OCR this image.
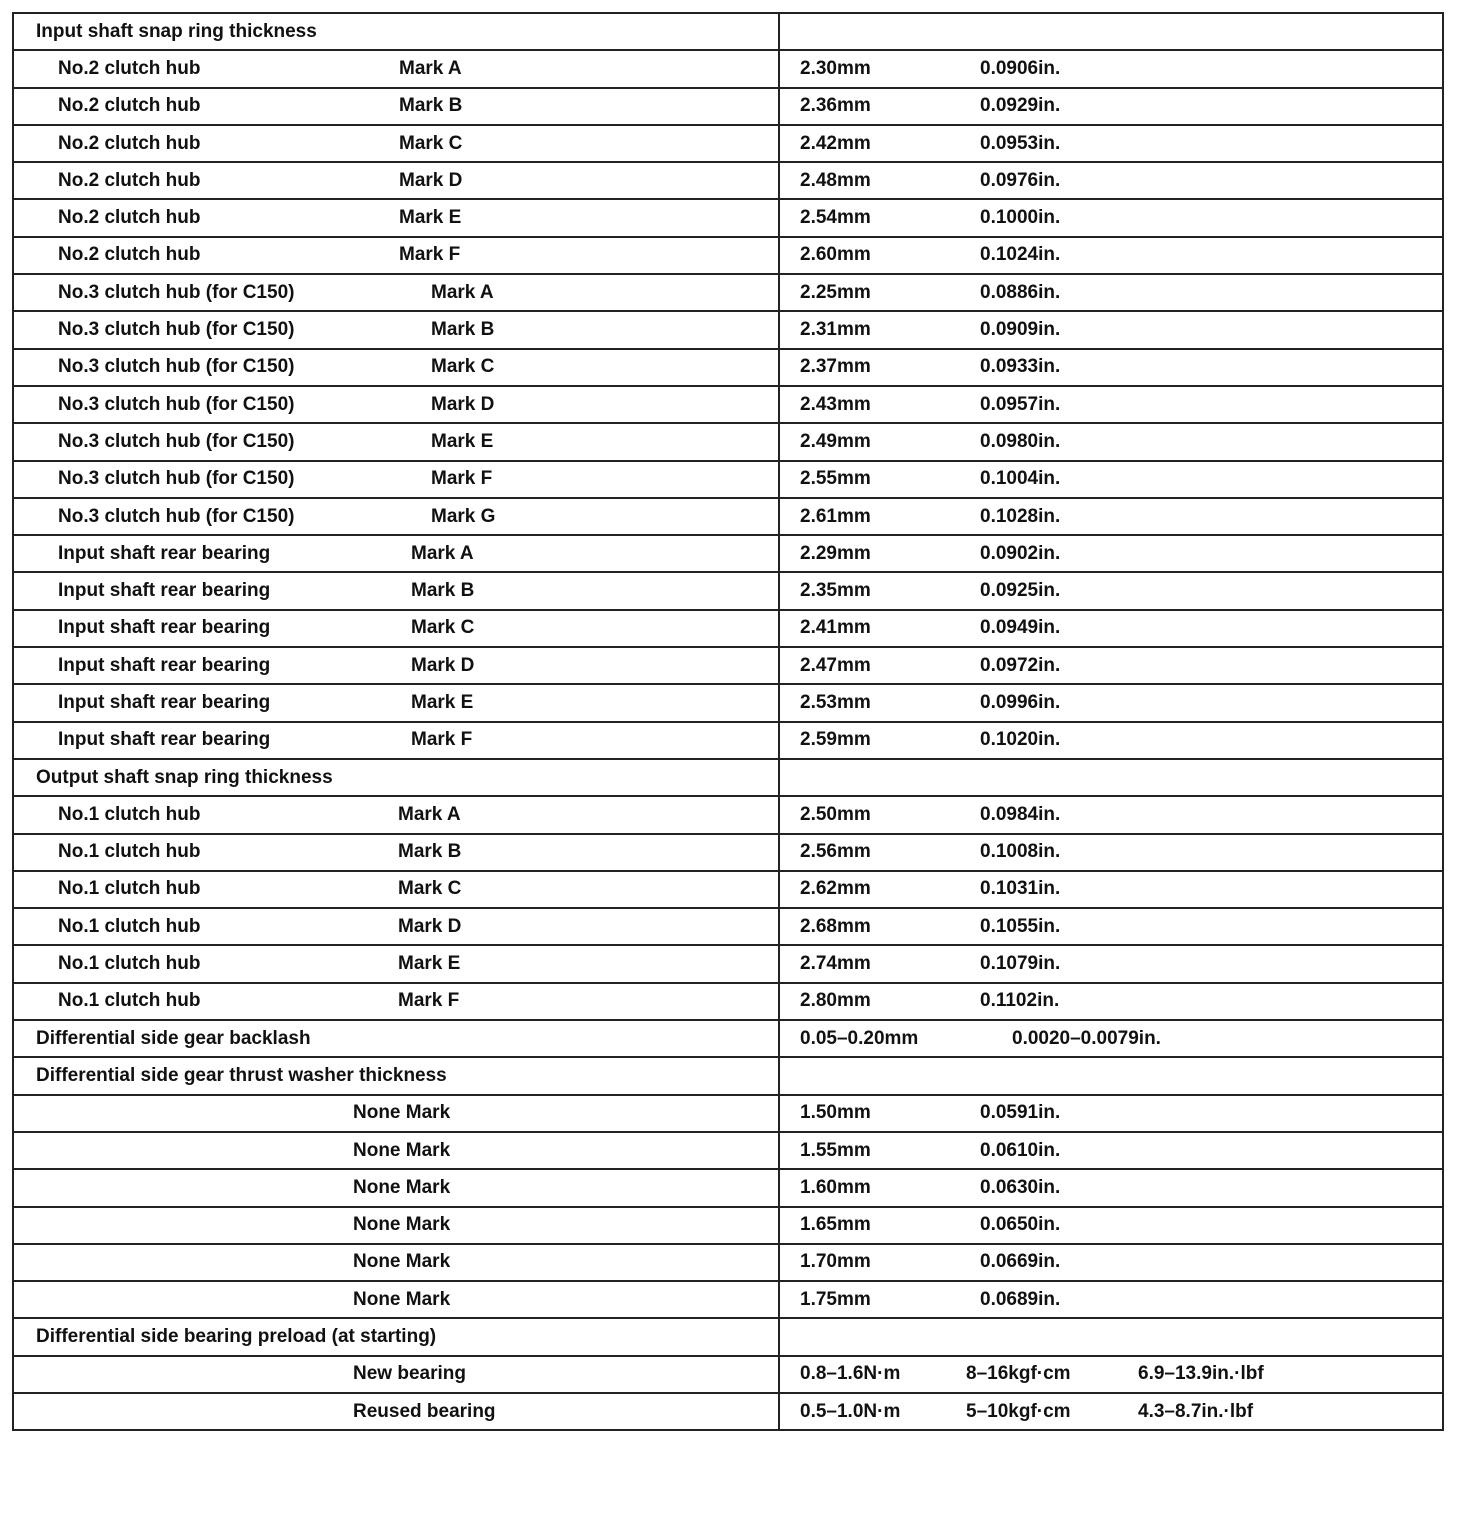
Input shaft snap ring thickness	

No.2 clutch hub Mark A	2.30mm 0.0906in.

No.2 clutch hub Mark B	2.36mm 0.0929in.

No.2 clutch hub Mark C	2.42mm 0.0953in.

No.2 clutch hub Mark D	2.48mm 0.0976in.

No.2 clutch hub Mark E	2.54mm 0.1000in.

No.2 clutch hub Mark F	2.60mm 0.1024in.

No.3 clutch hub (for C150) Mark A	2.25mm 0.0886in.

No.3 clutch hub (for C150) Mark B	2.31mm 0.0909in.

No.3 clutch hub (for C150) Mark C	2.37mm 0.0933in.

No.3 clutch hub (for C150) Mark D	2.43mm 0.0957in.

No.3 clutch hub (for C150) Mark E	2.49mm 0.0980in.

No.3 clutch hub (for C150) Mark F	2.55mm 0.1004in.

No.3 clutch hub (for C150) Mark G	2.61mm 0.1028in.

Input shaft rear bearing Mark A	2.29mm 0.0902in.

Input shaft rear bearing Mark B	2.35mm 0.0925in.

Input shaft rear bearing Mark C	2.41mm 0.0949in.

Input shaft rear bearing Mark D	2.47mm 0.0972in.

Input shaft rear bearing Mark E	2.53mm 0.0996in.

Input shaft rear bearing Mark F	2.59mm 0.1020in.

Output shaft snap ring thickness	

No.1 clutch hub Mark A	2.50mm 0.0984in.

No.1 clutch hub Mark B	2.56mm 0.1008in.

No.1 clutch hub Mark C	2.62mm 0.1031in.

No.1 clutch hub Mark D	2.68mm 0.1055in.

No.1 clutch hub Mark E	2.74mm 0.1079in.

No.1 clutch hub Mark F	2.80mm 0.1102in.

Differential side gear backlash	0.05–0.20mm 0.0020–0.0079in.

Differential side gear thrust washer thickness	

None Mark	1.50mm 0.0591in.

None Mark	1.55mm 0.0610in.

None Mark	1.60mm 0.0630in.

None Mark	1.65mm 0.0650in.

None Mark	1.70mm 0.0669in.

None Mark	1.75mm 0.0689in.

Differential side bearing preload (at starting)	

New bearing	0.8–1.6N·m 8–16kgf·cm 6.9–13.9in.·lbf

Reused bearing	0.5–1.0N·m 5–10kgf·cm 4.3–8.7in.·lbf
